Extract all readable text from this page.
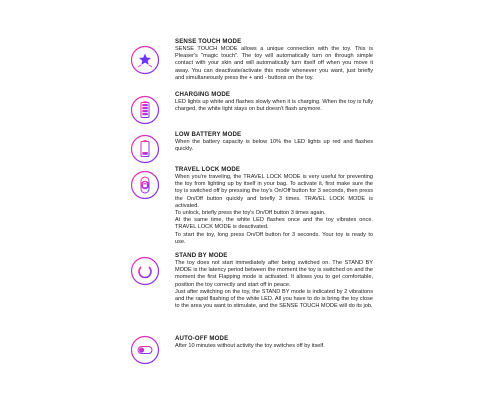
SENSE TOUCH MODE

SENSE TOUCH MODE allows a unique connection with the toy. This is Pleaser's "magic touch". The toy will automatically turn on through simple contact with your skin and will automatically turn itself off when you move it away. You can deactivate/activate this mode whenever you want, just briefly and simultaneously press the + and - buttons on the toy.

CHARGING MODE

LED lights up white and flashes slowly when it is charging. When the toy is fully charged, the white light stays on but doesn't flash anymore.

LOW BATTERY MODE

When the battery capacity is below 10% the LED lights up red and flashes quickly.

TRAVEL LOCK MODE

When you're traveling, the TRAVEL LOCK MODE is very useful for preventing the toy from lighting up by itself in your bag. To activate it, first make sure the toy is switched off by pressing the toy's On/Off button for 3 seconds, then press the On/Off button quickly and briefly 3 times. TRAVEL LOCK MODE is activated.

To unlock, briefly press the toy's On/Off button 3 times again.

At the same time, the white LED flashes once and the toy vibrates once. TRAVEL LOCK MODE is deactivated.

To start the toy, long press On/Off button for 3 seconds. Your toy is ready to use.

STAND BY MODE

The toy does not start immediately after being switched on. The STAND BY MODE is the latency period between the moment the toy is switched on and the moment the first Flapping mode is activated. It allows you to get comfortable, position the toy correctly and start off in peace.

Just after switching on the toy, the STAND BY mode is indicated by 2 vibrations and the rapid flashing of the white LED. All you have to do is bring the toy close to the area you want to stimulate, and the SENSE TOUCH MODE will do its job.

AUTO-OFF MODE

After 10 minutes without activity the toy switches off by itself.
